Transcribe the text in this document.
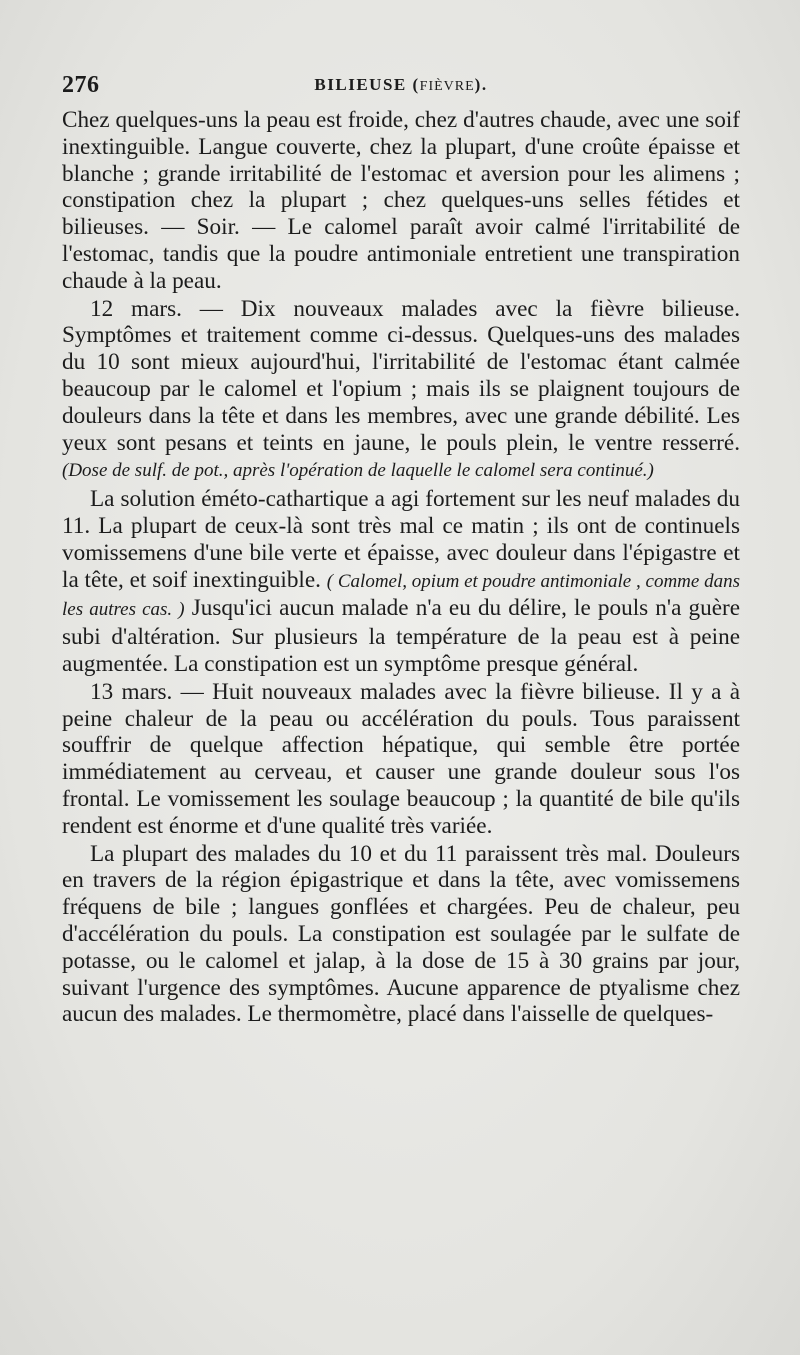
276	BILIEUSE (FIÈVRE).

Chez quelques-uns la peau est froide, chez d'autres chaude, avec une soif inextinguible. Langue couverte, chez la plupart, d'une croûte épaisse et blanche ; grande irritabilité de l'estomac et aversion pour les alimens ; constipation chez la plupart ; chez quelques-uns selles fétides et bilieuses. — Soir. — Le calomel paraît avoir calmé l'irritabilité de l'estomac, tandis que la poudre antimoniale entretient une transpiration chaude à la peau.

12 mars. — Dix nouveaux malades avec la fièvre bilieuse. Symptômes et traitement comme ci-dessus. Quelques-uns des malades du 10 sont mieux aujourd'hui, l'irritabilité de l'estomac étant calmée beaucoup par le calomel et l'opium ; mais ils se plaignent toujours de douleurs dans la tête et dans les membres, avec une grande débilité. Les yeux sont pesans et teints en jaune, le pouls plein, le ventre resserré. (Dose de sulf. de pot., après l'opération de laquelle le calomel sera continué.)

La solution éméto-cathartique a agi fortement sur les neuf malades du 11. La plupart de ceux-là sont très mal ce matin ; ils ont de continuels vomissemens d'une bile verte et épaisse, avec douleur dans l'épigastre et la tête, et soif inextinguible. ( Calomel, opium et poudre antimoniale , comme dans les autres cas. ) Jusqu'ici aucun malade n'a eu du délire, le pouls n'a guère subi d'altération. Sur plusieurs la température de la peau est à peine augmentée. La constipation est un symptôme presque général.

13 mars. — Huit nouveaux malades avec la fièvre bilieuse. Il y a à peine chaleur de la peau ou accélération du pouls. Tous paraissent souffrir de quelque affection hépatique, qui semble être portée immédiatement au cerveau, et causer une grande douleur sous l'os frontal. Le vomissement les soulage beaucoup ; la quantité de bile qu'ils rendent est énorme et d'une qualité très variée.

La plupart des malades du 10 et du 11 paraissent très mal. Douleurs en travers de la région épigastrique et dans la tête, avec vomissemens fréquens de bile ; langues gonflées et chargées. Peu de chaleur, peu d'accélération du pouls. La constipation est soulagée par le sulfate de potasse, ou le calomel et jalap, à la dose de 15 à 30 grains par jour, suivant l'urgence des symptômes. Aucune apparence de ptyalisme chez aucun des malades. Le thermomètre, placé dans l'aisselle de quelques-
